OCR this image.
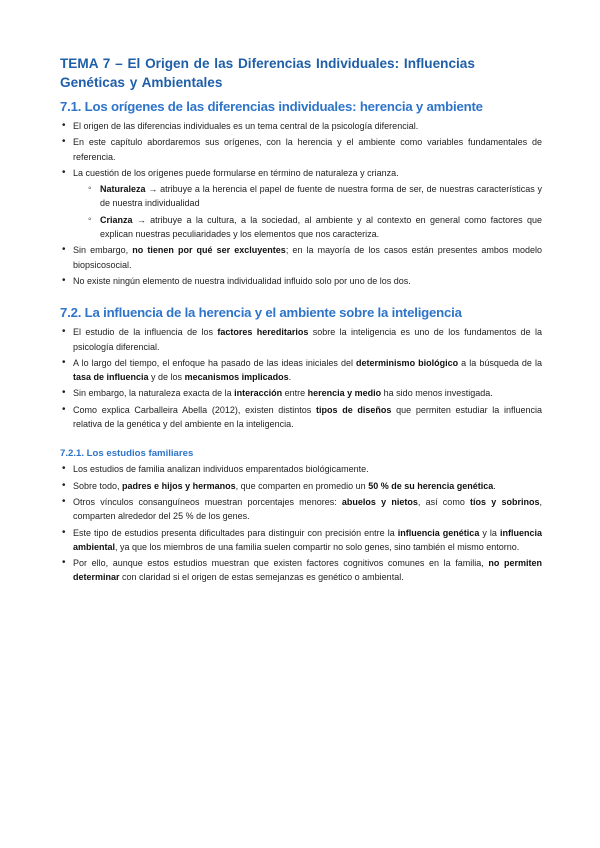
TEMA 7 – El Origen de las Diferencias Individuales: Influencias Genéticas y Ambientales
7.1. Los orígenes de las diferencias individuales: herencia y ambiente
• El origen de las diferencias individuales es un tema central de la psicología diferencial.
• En este capítulo abordaremos sus orígenes, con la herencia y el ambiente como variables fundamentales de referencia.
• La cuestión de los orígenes puede formularse en término de naturaleza y crianza.
◦ Naturaleza → atribuye a la herencia el papel de fuente de nuestra forma de ser, de nuestras características y de nuestra individualidad
◦ Crianza → atribuye a la cultura, a la sociedad, al ambiente y al contexto en general como factores que explican nuestras peculiaridades y los elementos que nos caracteriza.
• Sin embargo, no tienen por qué ser excluyentes; en la mayoría de los casos están presentes ambos modelo biopsicosocial.
• No existe ningún elemento de nuestra individualidad influido solo por uno de los dos.
7.2. La influencia de la herencia y el ambiente sobre la inteligencia
• El estudio de la influencia de los factores hereditarios sobre la inteligencia es uno de los fundamentos de la psicología diferencial.
• A lo largo del tiempo, el enfoque ha pasado de las ideas iniciales del determinismo biológico a la búsqueda de la tasa de influencia y de los mecanismos implicados.
• Sin embargo, la naturaleza exacta de la interacción entre herencia y medio ha sido menos investigada.
• Como explica Carballeira Abella (2012), existen distintos tipos de diseños que permiten estudiar la influencia relativa de la genética y del ambiente en la inteligencia.
7.2.1. Los estudios familiares
• Los estudios de familia analizan individuos emparentados biológicamente.
• Sobre todo, padres e hijos y hermanos, que comparten en promedio un 50 % de su herencia genética.
• Otros vínculos consanguíneos muestran porcentajes menores: abuelos y nietos, así como tíos y sobrinos, comparten alrededor del 25 % de los genes.
• Este tipo de estudios presenta dificultades para distinguir con precisión entre la influencia genética y la influencia ambiental, ya que los miembros de una familia suelen compartir no solo genes, sino también el mismo entorno.
• Por ello, aunque estos estudios muestran que existen factores cognitivos comunes en la familia, no permiten determinar con claridad si el origen de estas semejanzas es genético o ambiental.
